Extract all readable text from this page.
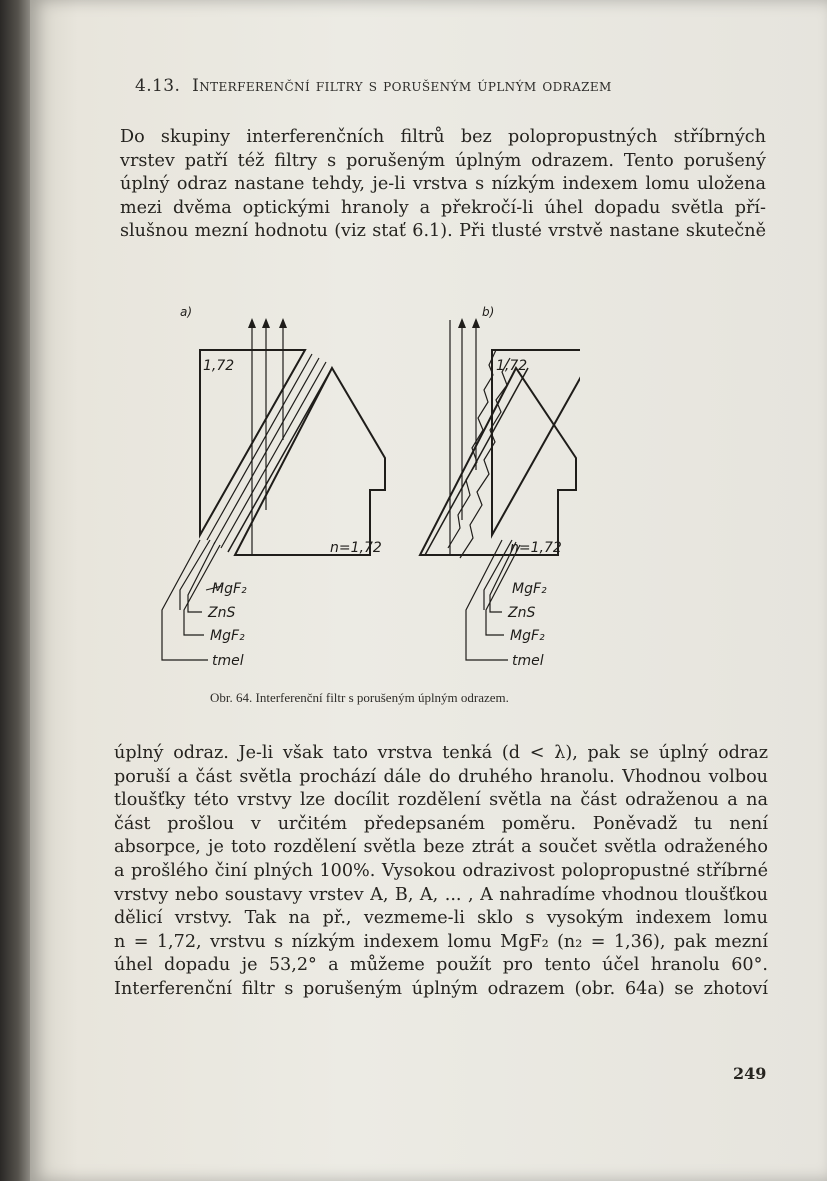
4.13. Interferenční filtry s porušeným úplným odrazem
Do skupiny interferenčních filtrů bez polopropustných stříbrných
vrstev patří též filtry s porušeným úplným odrazem. Tento porušený
úplný odraz nastane tehdy, je-li vrstva s nízkým indexem lomu uložena
mezi dvěma optickými hranoly a překročí-li úhel dopadu světla pří-
slušnou mezní hodnotu (viz stať 6.1). Při tlusté vrstvě nastane skutečně
a)
1,72
n=1,72
MgF₂
ZnS
MgF₂
tmel
b)
1,72
n=1,72
MgF₂
ZnS
MgF₂
tmel
Obr. 64. Interferenční filtr s porušeným úplným odrazem.
úplný odraz. Je-li však tato vrstva tenká (d < λ), pak se úplný odraz
poruší a část světla prochází dále do druhého hranolu. Vhodnou volbou
tloušťky této vrstvy lze docílit rozdělení světla na část odraženou a na
část prošlou v určitém předepsaném poměru. Poněvadž tu není
absorpce, je toto rozdělení světla beze ztrát a součet světla odraženého
a prošlého činí plných 100%. Vysokou odrazivost polopropustné stříbrné
vrstvy nebo soustavy vrstev A, B, A, ... , A nahradíme vhodnou tloušťkou
dělicí vrstvy. Tak na př., vezmeme-li sklo s vysokým indexem lomu
n = 1,72, vrstvu s nízkým indexem lomu MgF₂ (n₂ = 1,36), pak mezní
úhel dopadu je 53,2° a můžeme použít pro tento účel hranolu 60°.
Interferenční filtr s porušeným úplným odrazem (obr. 64a) se zhotoví
249
